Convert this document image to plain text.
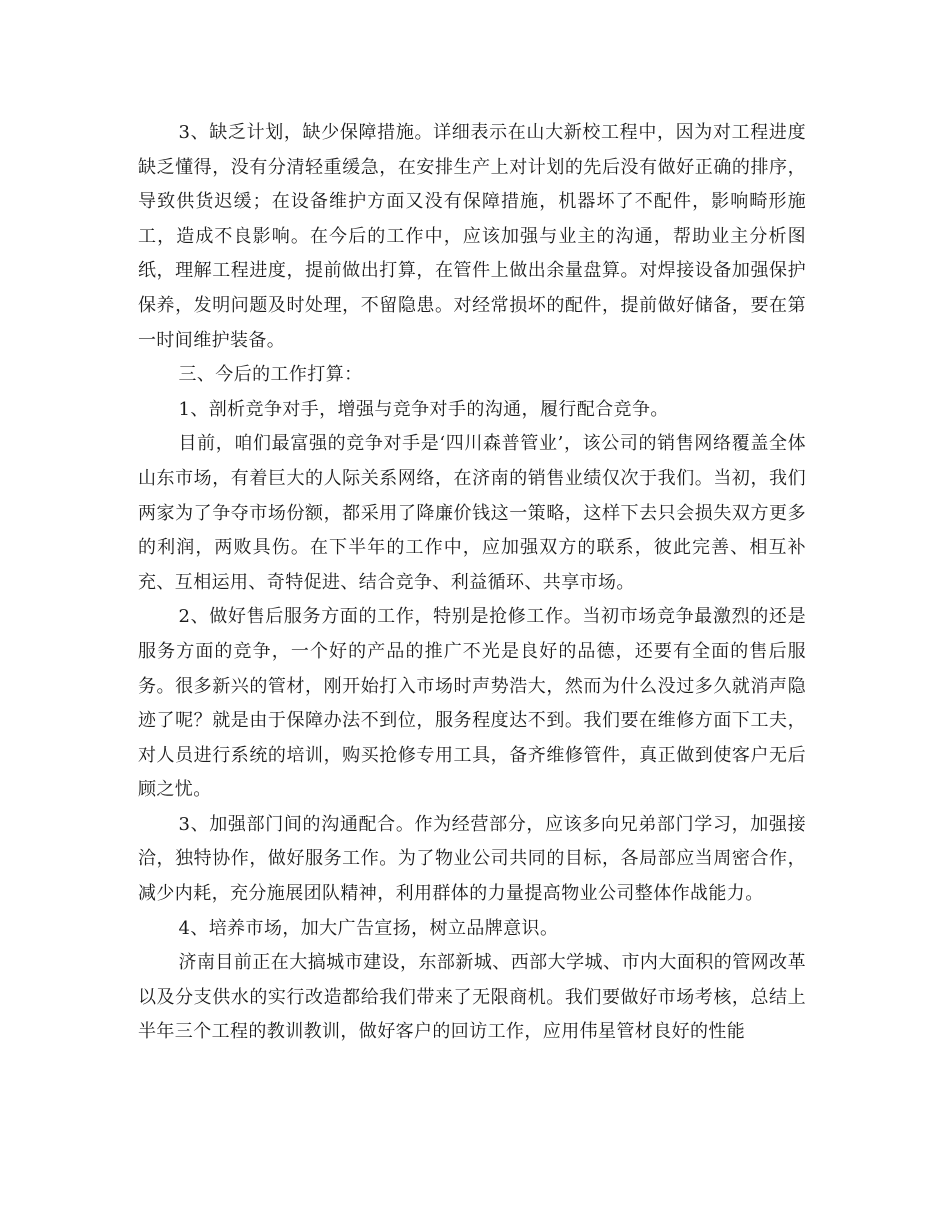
3、缺乏计划，缺少保障措施。详细表示在山大新校工程中，因为对工程进度缺乏懂得，没有分清轻重缓急，在安排生产上对计划的先后没有做好正确的排序，导致供货迟缓；在设备维护方面又没有保障措施，机器坏了不配件，影响畸形施工，造成不良影响。在今后的工作中，应该加强与业主的沟通，帮助业主分析图纸，理解工程进度，提前做出打算，在管件上做出余量盘算。对焊接设备加强保护保养，发明问题及时处理，不留隐患。对经常损坏的配件，提前做好储备，要在第一时间维护装备。

三、今后的工作打算：

1、剖析竞争对手，增强与竞争对手的沟通，履行配合竞争。

目前，咱们最富强的竞争对手是‘四川森普管业’，该公司的销售网络覆盖全体山东市场，有着巨大的人际关系网络，在济南的销售业绩仅次于我们。当初，我们两家为了争夺市场份额，都采用了降廉价钱这一策略，这样下去只会损失双方更多的利润，两败具伤。在下半年的工作中，应加强双方的联系，彼此完善、相互补充、互相运用、奇特促进、结合竞争、利益循环、共享市场。

2、做好售后服务方面的工作，特别是抢修工作。当初市场竞争最激烈的还是服务方面的竞争，一个好的产品的推广不光是良好的品德，还要有全面的售后服务。很多新兴的管材，刚开始打入市场时声势浩大，然而为什么没过多久就消声隐迹了呢？就是由于保障办法不到位，服务程度达不到。我们要在维修方面下工夫，对人员进行系统的培训，购买抢修专用工具，备齐维修管件，真正做到使客户无后顾之忧。

3、加强部门间的沟通配合。作为经营部分，应该多向兄弟部门学习，加强接洽，独特协作，做好服务工作。为了物业公司共同的目标，各局部应当周密合作，减少内耗，充分施展团队精神，利用群体的力量提高物业公司整体作战能力。

4、培养市场，加大广告宣扬，树立品牌意识。

济南目前正在大搞城市建设，东部新城、西部大学城、市内大面积的管网改革以及分支供水的实行改造都给我们带来了无限商机。我们要做好市场考核，总结上半年三个工程的教训教训，做好客户的回访工作，应用伟星管材良好的性能
